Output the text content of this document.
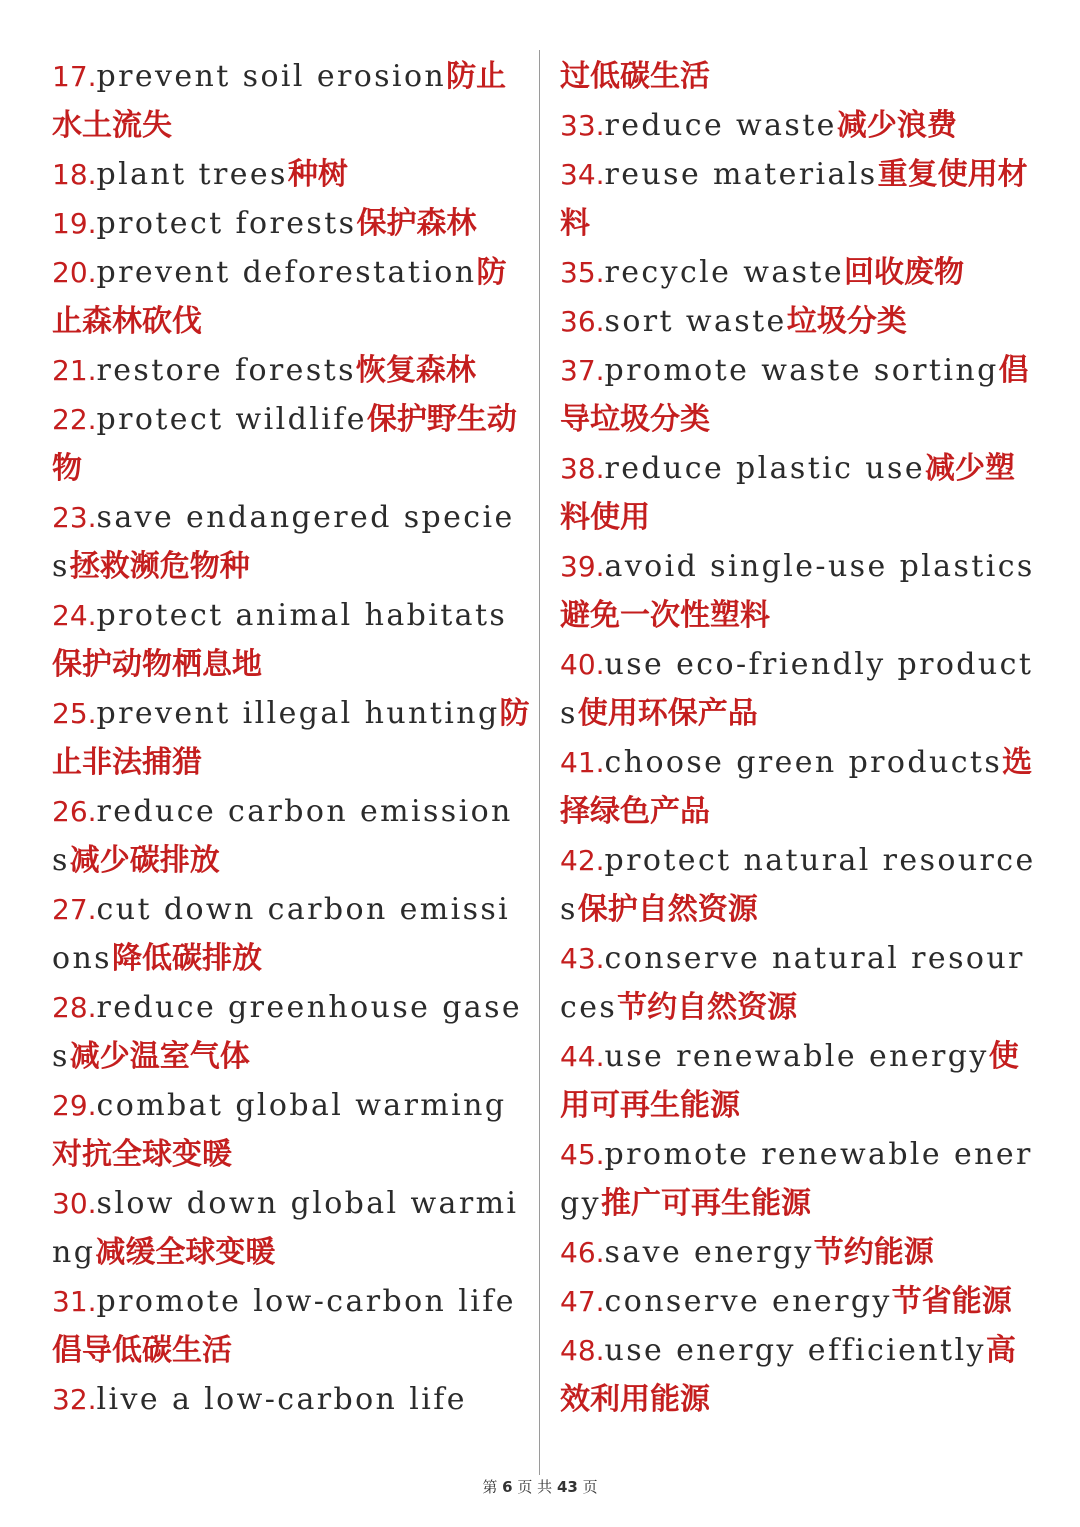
17.prevent soil erosion防止水土流失
18.plant trees种树
19.protect forests保护森林
20.prevent deforestation防止森林砍伐
21.restore forests恢复森林
22.protect wildlife保护野生动物
23.save endangered species拯救濒危物种
24.protect animal habitats保护动物栖息地
25.prevent illegal hunting防止非法捕猎
26.reduce carbon emissions减少碳排放
27.cut down carbon emissions降低碳排放
28.reduce greenhouse gases减少温室气体
29.combat global warming对抗全球变暖
30.slow down global warming减缓全球变暖
31.promote low-carbon life倡导低碳生活
32.live a low-carbon life
过低碳生活
33.reduce waste减少浪费
34.reuse materials重复使用材料
35.recycle waste回收废物
36.sort waste垃圾分类
37.promote waste sorting倡导垃圾分类
38.reduce plastic use减少塑料使用
39.avoid single-use plastics避免一次性塑料
40.use eco-friendly products使用环保产品
41.choose green products选择绿色产品
42.protect natural resources保护自然资源
43.conserve natural resources节约自然资源
44.use renewable energy使用可再生能源
45.promote renewable energy推广可再生能源
46.save energy节约能源
47.conserve energy节省能源
48.use energy efficiently高效利用能源
第 6 页 共 43 页
